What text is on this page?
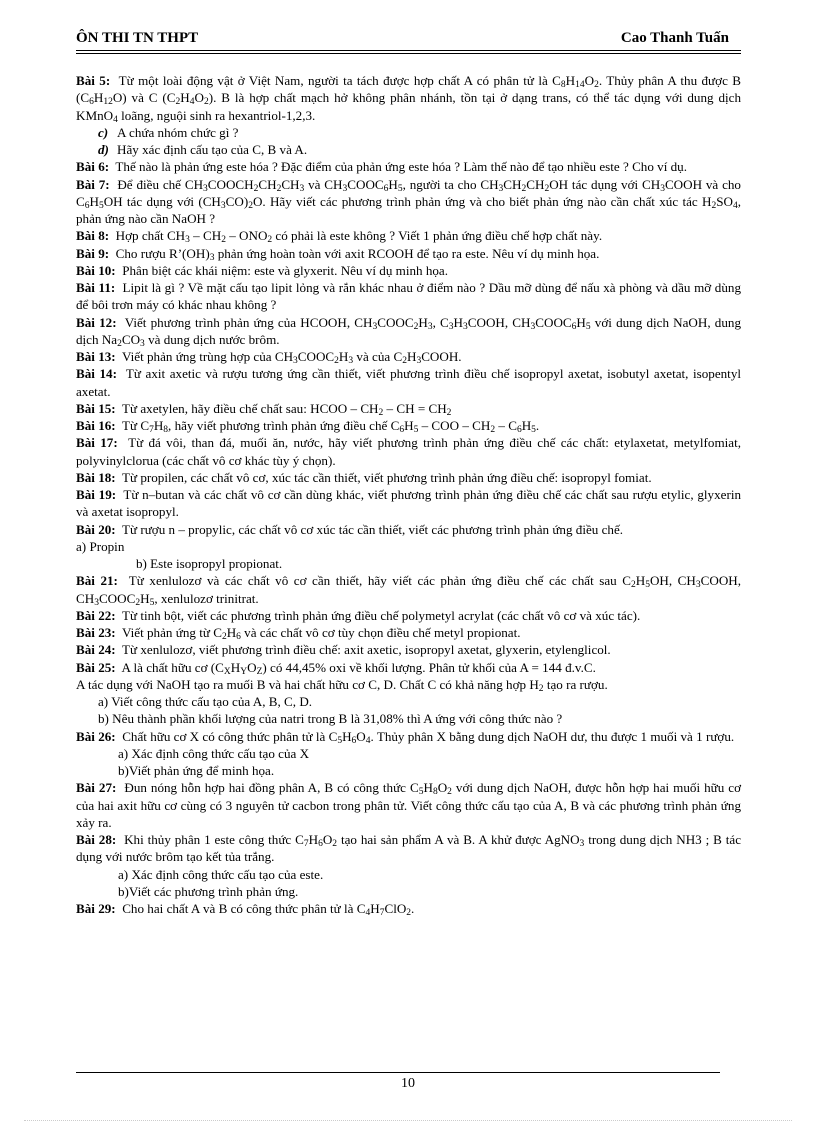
ÔN THI TN THPT	Cao Thanh Tuấn
Bài 5: Từ một loài động vật ở Việt Nam, người ta tách được hợp chất A có phân tử là $C_8H_{14}O_2$. Thủy phân A thu được B $(C_6H_{12}O)$ và C $(C_2H_4O_2)$. B là hợp chất mạch hở không phân nhánh, tồn tại ở dạng trans, có thể tác dụng với dung dịch KMnO$_4$ loãng, nguội sinh ra hexantriol-1,2,3.
c) A chứa nhóm chức gì ?
d) Hãy xác định cấu tạo của C, B và A.
Bài 6: Thế nào là phản ứng este hóa ? Đặc điểm của phản ứng este hóa ? Làm thế nào để tạo nhiều este ? Cho ví dụ.
Bài 7: Để điều chế $CH_3COOCH_2CH_2CH_3$ và $CH_3COOC_6H_5$, người ta cho $CH_3CH_2CH_2OH$ tác dụng với $CH_3COOH$ và cho $C_6H_5OH$ tác dụng với $(CH_3CO)_2O$. Hãy viết các phương trình phản ứng và cho biết phản ứng nào cần chất xúc tác $H_2SO_4$, phản ứng nào cần NaOH ?
Bài 8: Hợp chất $CH_3 - CH_2 - ONO_2$ có phải là este không ? Viết 1 phản ứng điều chế hợp chất này.
Bài 9: Cho rượu $R’(OH)_3$ phản ứng hoàn toàn với axit RCOOH để tạo ra este. Nêu ví dụ minh họa.
Bài 10: Phân biệt các khái niệm: este và glyxerit. Nêu ví dụ minh họa.
Bài 11: Lipit là gì ? Về mặt cấu tạo lipit lỏng và rắn khác nhau ở điểm nào ? Dầu mỡ dùng để nấu xà phòng và dầu mỡ dùng để bôi trơn máy có khác nhau không ?
Bài 12: Viết phương trình phản ứng của HCOOH, $CH_3COOC_2H_3$, $C_3H_3COOH$, $CH_3COOC_6H_5$ với dung dịch NaOH, dung dịch $Na_2CO_3$ và dung dịch nước brôm.
Bài 13: Viết phản ứng trùng hợp của $CH_3COOC_2H_3$ và của $C_2H_3COOH$.
Bài 14: Từ axit axetic và rượu tương ứng cần thiết, viết phương trình điều chế isopropyl axetat, isobutyl axetat, isopentyl axetat.
Bài 15: Từ axetylen, hãy điều chế chất sau: HCOO – $CH_2$ – CH = $CH_2$
Bài 16: Từ $C_7H_8$, hãy viết phương trình phản ứng điều chế $C_6H_5$ – COO – $CH_2 - C_6H_5$.
Bài 17: Từ đá vôi, than đá, muối ăn, nước, hãy viết phương trình phản ứng điều chế các chất: etylaxetat, metylfomiat, polyvinylclorua (các chất vô cơ khác tùy ý chọn).
Bài 18: Từ propilen, các chất vô cơ, xúc tác cần thiết, viết phương trình phản ứng điều chế: isopropyl fomiat.
Bài 19: Từ n–butan và các chất vô cơ cần dùng khác, viết phương trình phản ứng điều chế các chất sau rượu etylic, glyxerin và axetat isopropyl.
Bài 20: Từ rượu n – propylic, các chất vô cơ xúc tác cần thiết, viết các phương trình phản ứng điều chế.
a) Propin
b) Este isopropyl propionat.
Bài 21: Từ xenlulozơ và các chất vô cơ cần thiết, hãy viết các phản ứng điều chế các chất sau $C_2H_5OH$, $CH_3COOH$, $CH_3COOC_2H_5$, xenlulozơ trinitrat.
Bài 22: Từ tinh bột, viết các phương trình phản ứng điều chế polymetyl acrylat (các chất vô cơ và xúc tác).
Bài 23: Viết phản ứng từ $C_2H_6$ và các chất vô cơ tùy chọn điều chế metyl propionat.
Bài 24: Từ xenlulozơ, viết phương trình điều chế: axit axetic, isopropyl axetat, glyxerin, etylenglicol.
Bài 25: A là chất hữu cơ $(C_XH_YO_Z)$ có 44,45% oxi về khối lượng. Phân tử khối của A = 144 đ.v.C.
A tác dụng với NaOH tạo ra muối B và hai chất hữu cơ C, D. Chất C có khả năng hợp $H_2$ tạo ra rượu.
a) Viết công thức cấu tạo của A, B, C, D.
b) Nêu thành phần khối lượng của natri trong B là 31,08% thì A ứng với công thức nào ?
Bài 26: Chất hữu cơ X có công thức phân tử là $C_5H_6O_4$. Thủy phân X bằng dung dịch NaOH dư, thu được 1 muối và 1 rượu.
a) Xác định công thức cấu tạo của X
b)Viết phản ứng để minh họa.
Bài 27: Đun nóng hỗn hợp hai đồng phân A, B có công thức $C_5H_8O_2$ với dung dịch NaOH, được hỗn hợp hai muối hữu cơ của hai axit hữu cơ cùng có 3 nguyên tử cacbon trong phân tử. Viết công thức cấu tạo của A, B và các phương trình phản ứng xảy ra.
Bài 28: Khi thủy phân 1 este công thức $C_7H_6O_2$ tạo hai sản phẩm A và B. A khử được AgNO$_3$ trong dung dịch NH3 ; B tác dụng với nước brôm tạo kết tủa trắng.
a) Xác định công thức cấu tạo của este.
b)Viết các phương trình phản ứng.
Bài 29: Cho hai chất A và B có công thức phân tử là $C_4H_7ClO_2$.
10
